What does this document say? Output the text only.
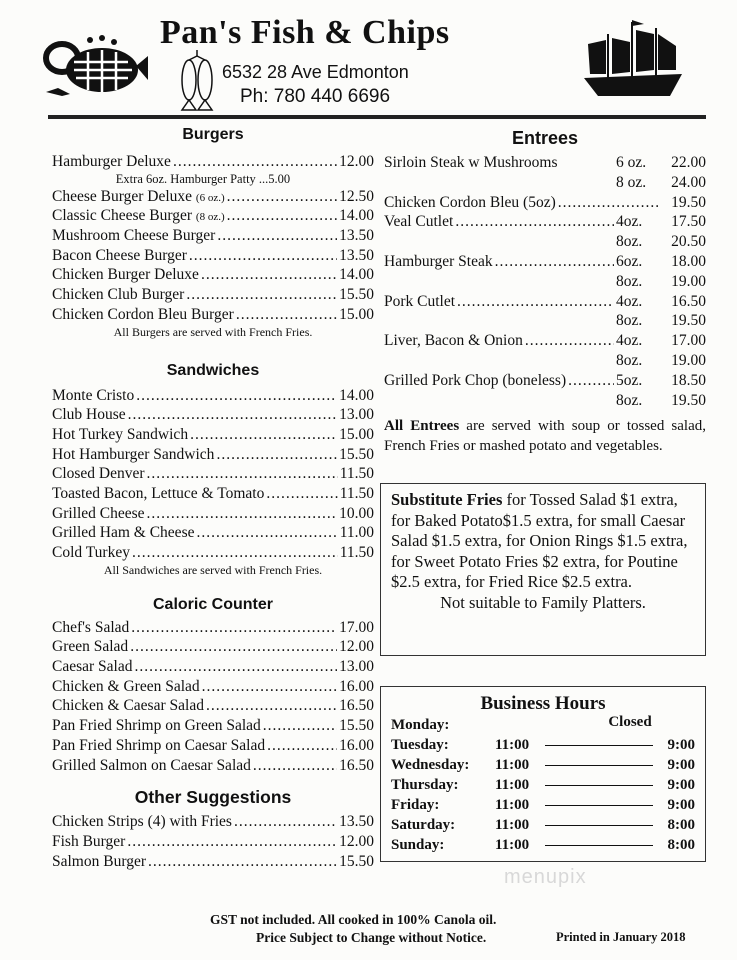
Pan's Fish & Chips
6532 28 Ave Edmonton
Ph: 780 440 6696
Burgers
Hamburger Deluxe .....	12.00
Extra 6oz. Hamburger Patty ...5.00
Cheese Burger Deluxe (6 oz.) .....	12.50
Classic Cheese Burger (8 oz.) .....	14.00
Mushroom Cheese Burger .....	13.50
Bacon Cheese Burger .....	13.50
Chicken Burger Deluxe .....	14.00
Chicken Club Burger .....	15.50
Chicken Cordon Bleu Burger .....	15.00
All Burgers are served with French Fries.
Sandwiches
Monte Cristo .....	14.00
Club House .....	13.00
Hot Turkey Sandwich .....	15.00
Hot Hamburger Sandwich .....	15.50
Closed Denver .....	11.50
Toasted Bacon, Lettuce & Tomato .....	11.50
Grilled Cheese .....	10.00
Grilled Ham & Cheese .....	11.00
Cold Turkey .....	11.50
All Sandwiches are served with French Fries.
Caloric Counter
Chef's Salad .....	17.00
Green Salad .....	12.00
Caesar Salad .....	13.00
Chicken & Green Salad .....	16.00
Chicken & Caesar Salad .....	16.50
Pan Fried Shrimp on Green Salad .....	15.50
Pan Fried Shrimp on Caesar Salad .....	16.00
Grilled Salmon on Caesar Salad .....	16.50
Other Suggestions
Chicken Strips (4) with Fries .....	13.50
Fish Burger .....	12.00
Salmon Burger .....	15.50
Entrees
Sirloin Steak w Mushrooms	6 oz.	22.00
8 oz.	24.00
Chicken Cordon Bleu (5oz) .....	19.50
Veal Cutlet .....	4oz.	17.50
8oz.	20.50
Hamburger Steak .....	6oz.	18.00
8oz.	19.00
Pork Cutlet .....	4oz.	16.50
8oz.	19.50
Liver, Bacon & Onion .....	4oz.	17.00
8oz.	19.00
Grilled Pork Chop (boneless) .....	5oz.	18.50
8oz.	19.50
All Entrees are served with soup or tossed salad, French Fries or mashed potato and vegetables.
Substitute Fries for Tossed Salad $1 extra, for Baked Potato$1.5 extra, for small Caesar Salad $1.5 extra, for Onion Rings $1.5 extra, for Sweet Potato Fries $2 extra, for Poutine $2.5 extra, for Fried Rice $2.5 extra.
Not suitable to Family Platters.
Business Hours
Monday:	Closed
Tuesday:	11:00	9:00
Wednesday:	11:00	9:00
Thursday:	11:00	9:00
Friday:	11:00	9:00
Saturday:	11:00	8:00
Sunday:	11:00	8:00
menupix
GST not included. All cooked in 100% Canola oil.
Price Subject to Change without Notice.	Printed in January 2018
